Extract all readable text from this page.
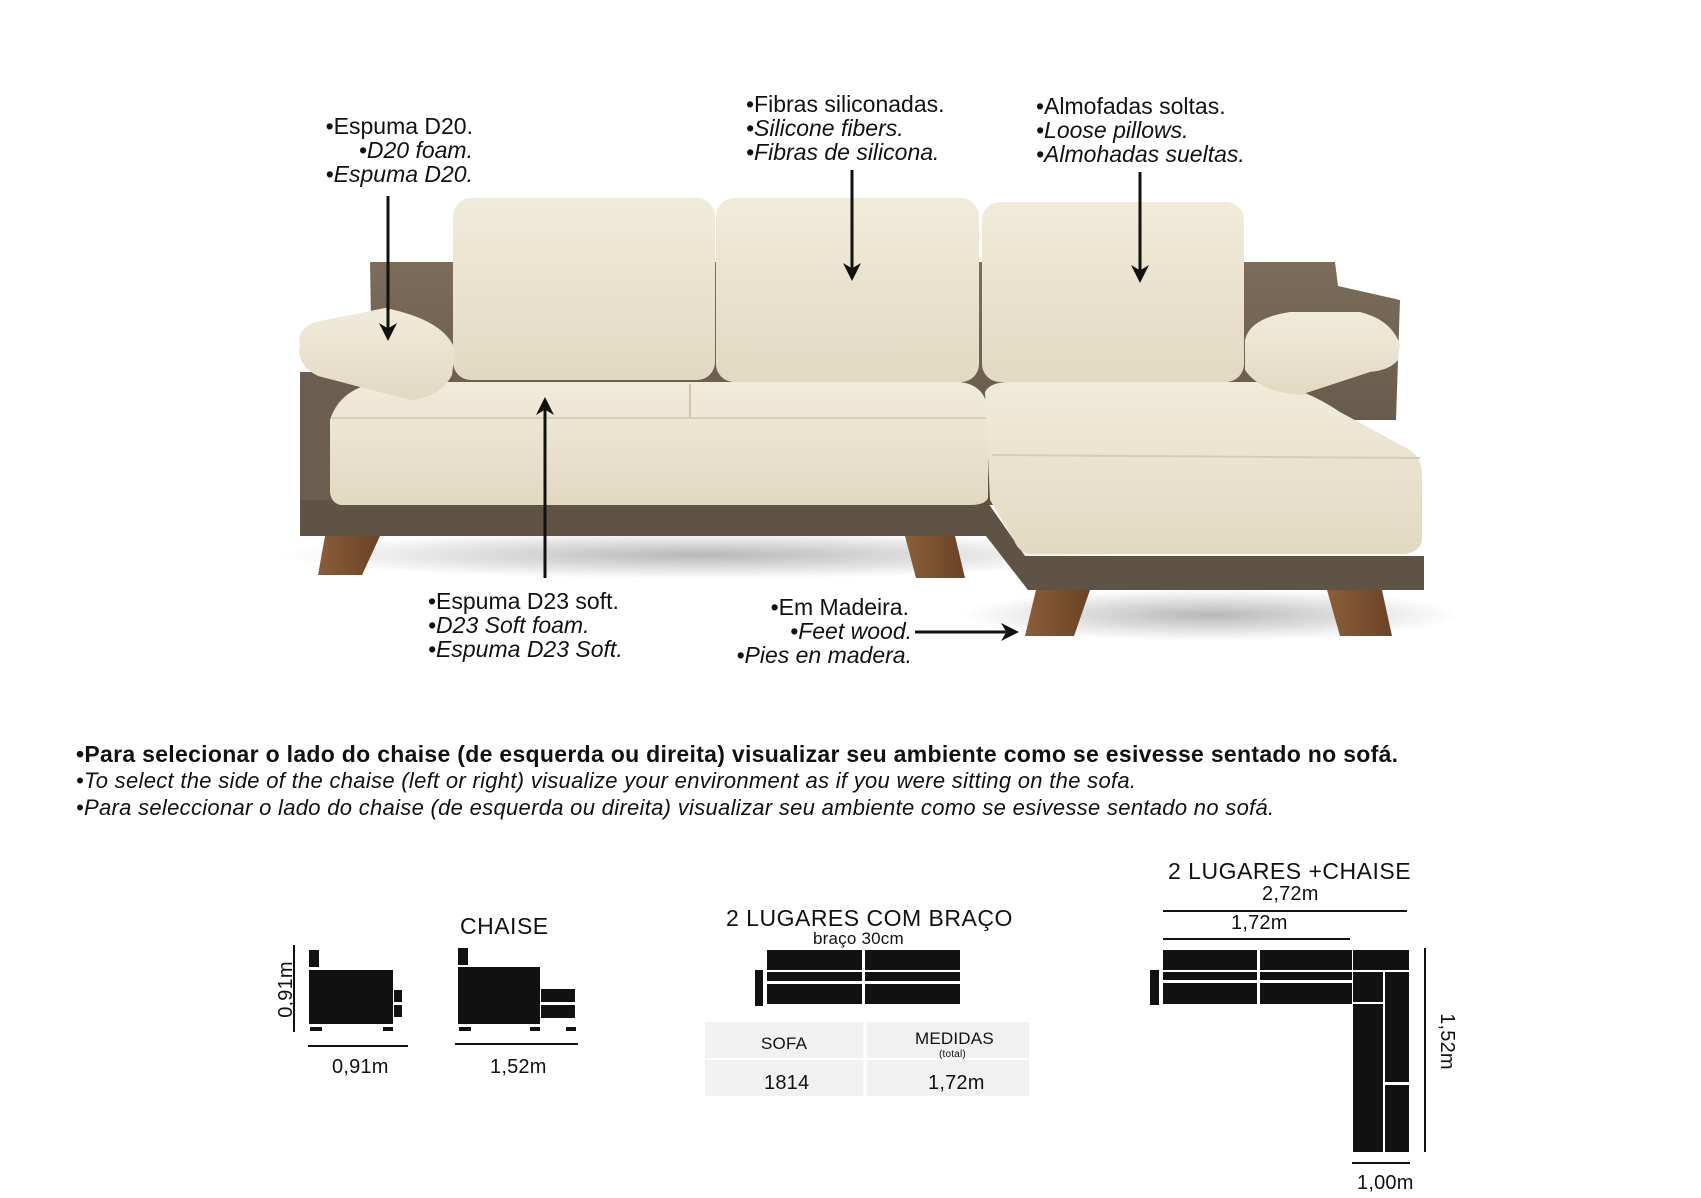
•Espuma D20.
•D20 foam.
•Espuma D20.
•Fibras siliconadas.
•Silicone fibers.
•Fibras de silicona.
•Almofadas soltas.
•Loose pillows.
•Almohadas sueltas.
•Espuma D23 soft.
•D23 Soft foam.
•Espuma D23 Soft.
•Em Madeira.
•Feet wood.
•Pies en madera.
•Para selecionar o lado do chaise (de esquerda ou direita) visualizar seu ambiente como se esivesse sentado no sofá.
•To select the side of the chaise (left or right) visualize your environment as if you were sitting on the sofa.
•Para seleccionar o lado do chaise (de esquerda ou direita) visualizar seu ambiente como se esivesse sentado no sofá.
CHAISE
0,91m
0,91m	1,52m
2 LUGARES COM BRAÇO
braço 30cm
SOFA	MEDIDAS
(total)
1814	1,72m
2 LUGARES +CHAISE
2,72m
1,72m
1,52m
1,00m
